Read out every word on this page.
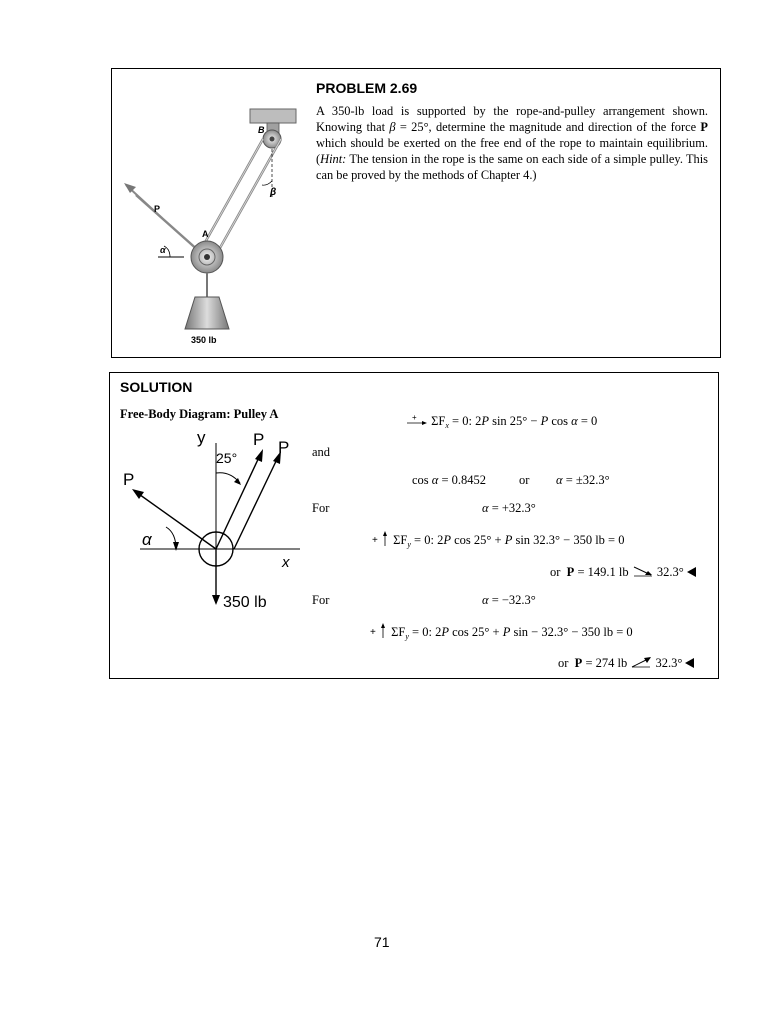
B
A
P
β
α
350 lb
PROBLEM 2.69

A 350-lb load is supported by the rope-and-pulley arrangement shown. Knowing that β = 25°, determine the magnitude and direction of the force P which should be exerted on the free end of the rope to maintain equilibrium. (Hint: The tension in the rope is the same on each side of a simple pulley. This can be proved by the methods of Chapter 4.)

SOLUTION
Free-Body Diagram: Pulley A
y	P P
P
25°
α
x
350 lb
+ $\Sigma F_x = 0$: 2P sin 25° − P cos α = 0
and
cos α = 0.8452	or α = ±32.3°
For	α = +32.3°
+ $\Sigma F_y = 0$: 2P cos 25° + P sin 32.3° − 350 lb = 0
or P = 149.1 lb 32.3°
For	α = −32.3°
+ $\Sigma F_y = 0$: 2P cos 25° + P sin − 32.3° − 350 lb = 0
or P = 274 lb 32.3°
71
